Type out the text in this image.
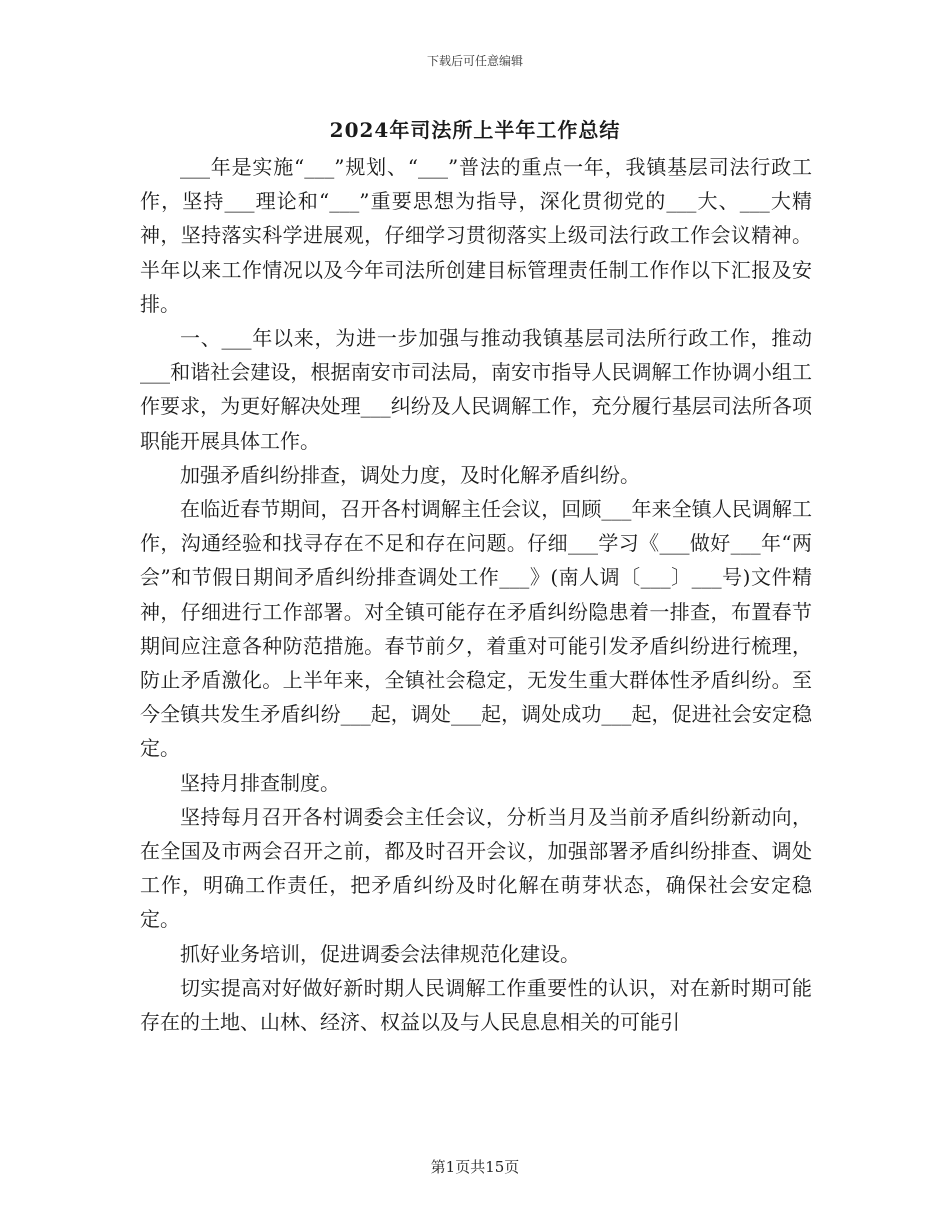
下载后可任意编辑
2024年司法所上半年工作总结

___年是实施“___”规划、“___”普法的重点一年，我镇基层司法行政工作，坚持___理论和“___”重要思想为指导，深化贯彻党的___大、___大精神，坚持落实科学进展观，仔细学习贯彻落实上级司法行政工作会议精神。半年以来工作情况以及今年司法所创建目标管理责任制工作作以下汇报及安排。

一、___年以来，为进一步加强与推动我镇基层司法所行政工作，推动___和谐社会建设，根据南安市司法局，南安市指导人民调解工作协调小组工作要求，为更好解决处理___纠纷及人民调解工作，充分履行基层司法所各项职能开展具体工作。

加强矛盾纠纷排查，调处力度，及时化解矛盾纠纷。

在临近春节期间，召开各村调解主任会议，回顾___年来全镇人民调解工作，沟通经验和找寻存在不足和存在问题。仔细___学习《___做好___年“两会”和节假日期间矛盾纠纷排查调处工作___》(南人调〔___〕___号)文件精神，仔细进行工作部署。对全镇可能存在矛盾纠纷隐患着一排查，布置春节期间应注意各种防范措施。春节前夕，着重对可能引发矛盾纠纷进行梳理，防止矛盾激化。上半年来，全镇社会稳定，无发生重大群体性矛盾纠纷。至今全镇共发生矛盾纠纷___起，调处___起，调处成功___起，促进社会安定稳定。

坚持月排查制度。

坚持每月召开各村调委会主任会议，分析当月及当前矛盾纠纷新动向，在全国及市两会召开之前，都及时召开会议，加强部署矛盾纠纷排查、调处工作，明确工作责任，把矛盾纠纷及时化解在萌芽状态，确保社会安定稳定。

抓好业务培训，促进调委会法律规范化建设。

切实提高对好做好新时期人民调解工作重要性的认识，对在新时期可能存在的土地、山林、经济、权益以及与人民息息相关的可能引

第1页共15页
